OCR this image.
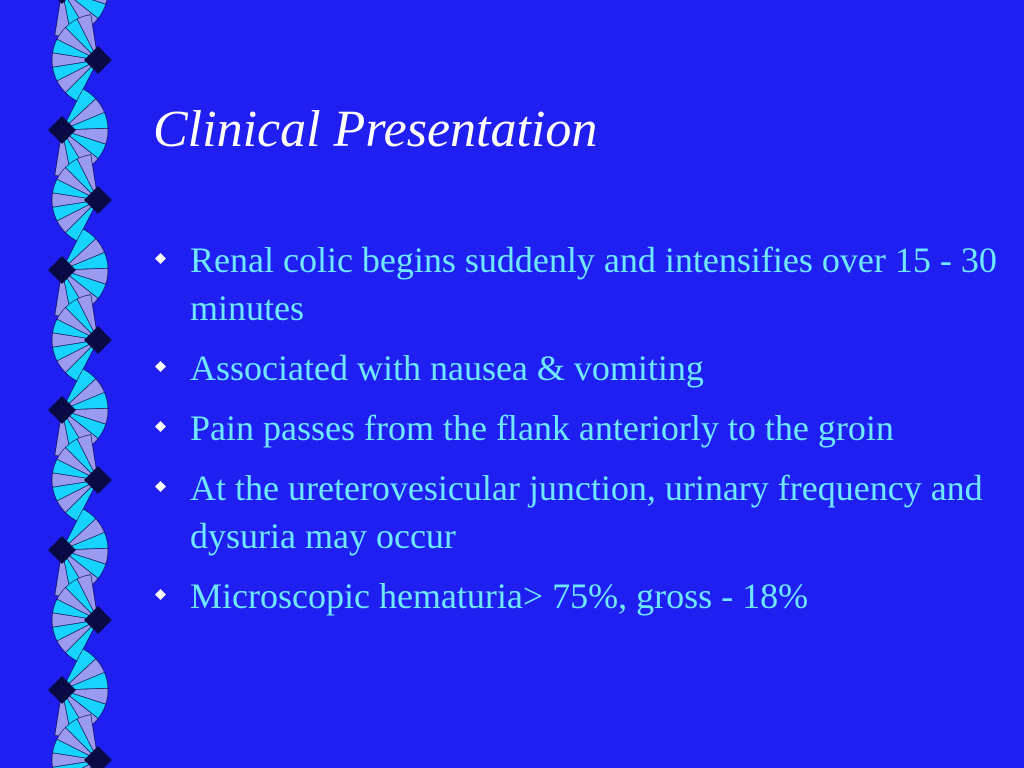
Clinical Presentation
Renal colic begins suddenly and intensifies over 15 - 30 minutes
Associated with nausea & vomiting
Pain passes from the flank anteriorly to the groin
At the ureterovesicular junction, urinary frequency and dysuria may occur
Microscopic hematuria> 75%, gross - 18%
